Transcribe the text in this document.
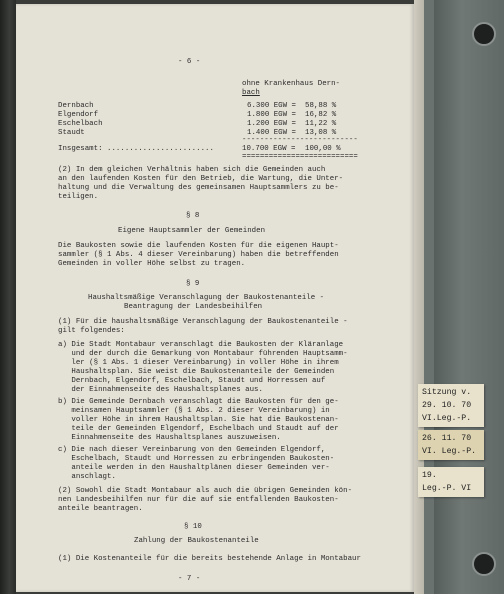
- 6 -
ohne Krankenhaus Dern-
bach
Dernbach	6.300 EGW = 58,88 %
Elgendorf	1.800 EGW = 16,82 %
Eschelbach	1.200 EGW = 11,22 %
Staudt	1.400 EGW = 13,08 %
--------------------------
Insgesamt: ........................	10.700 EGW = 100,00 %
==========================
(2) In dem gleichen Verhältnis haben sich die Gemeinden auch
an den laufenden Kosten für den Betrieb, die Wartung, die Unter-
haltung und die Verwaltung des gemeinsamen Hauptsammlers zu be-
teiligen.
§ 8
Eigene Hauptsammler der Gemeinden
Die Baukosten sowie die laufenden Kosten für die eigenen Haupt-
sammler (§ 1 Abs. 4 dieser Vereinbarung) haben die betreffenden
Gemeinden in voller Höhe selbst zu tragen.
§ 9
Haushaltsmäßige Veranschlagung der Baukostenanteile -
Beantragung der Landesbeihilfen
(1) Für die haushaltsmäßige Veranschlagung der Baukostenanteile -
gilt folgendes:
a) Die Stadt Montabaur veranschlagt die Baukosten der Kläranlage
und der durch die Gemarkung von Montabaur führenden Hauptsamm-
ler (§ 1 Abs. 1 dieser Vereinbarung) in voller Höhe in ihrem
Haushaltsplan. Sie weist die Baukostenanteile der Gemeinden
Dernbach, Elgendorf, Eschelbach, Staudt und Horressen auf
der Einnahmenseite des Haushaltsplanes aus.
b) Die Gemeinde Dernbach veranschlagt die Baukosten für den ge-
meinsamen Hauptsammler (§ 1 Abs. 2 dieser Vereinbarung) in
voller Höhe in ihrem Haushaltsplan. Sie hat die Baukostenan-
teile der Gemeinden Elgendorf, Eschelbach und Staudt auf der
Einnahmenseite des Haushaltsplanes auszuweisen.
c) Die nach dieser Vereinbarung von den Gemeinden Elgendorf,
Eschelbach, Staudt und Horressen zu erbringenden Baukosten-
anteile werden in den Haushaltplänen dieser Gemeinden ver-
anschlagt.
(2) Sowohl die Stadt Montabaur als auch die übrigen Gemeinden kön-
nen Landesbeihilfen nur für die auf sie entfallenden Baukosten-
anteile beantragen.
§ 10
Zahlung der Baukostenanteile
(1) Die Kostenanteile für die bereits bestehende Anlage in Montabaur
- 7 -
Sitzung v.
29. 10. 70
VI.Leg.-P.
26. 11. 70
VI. Leg.-P.
19.
Leg.-P. VI
